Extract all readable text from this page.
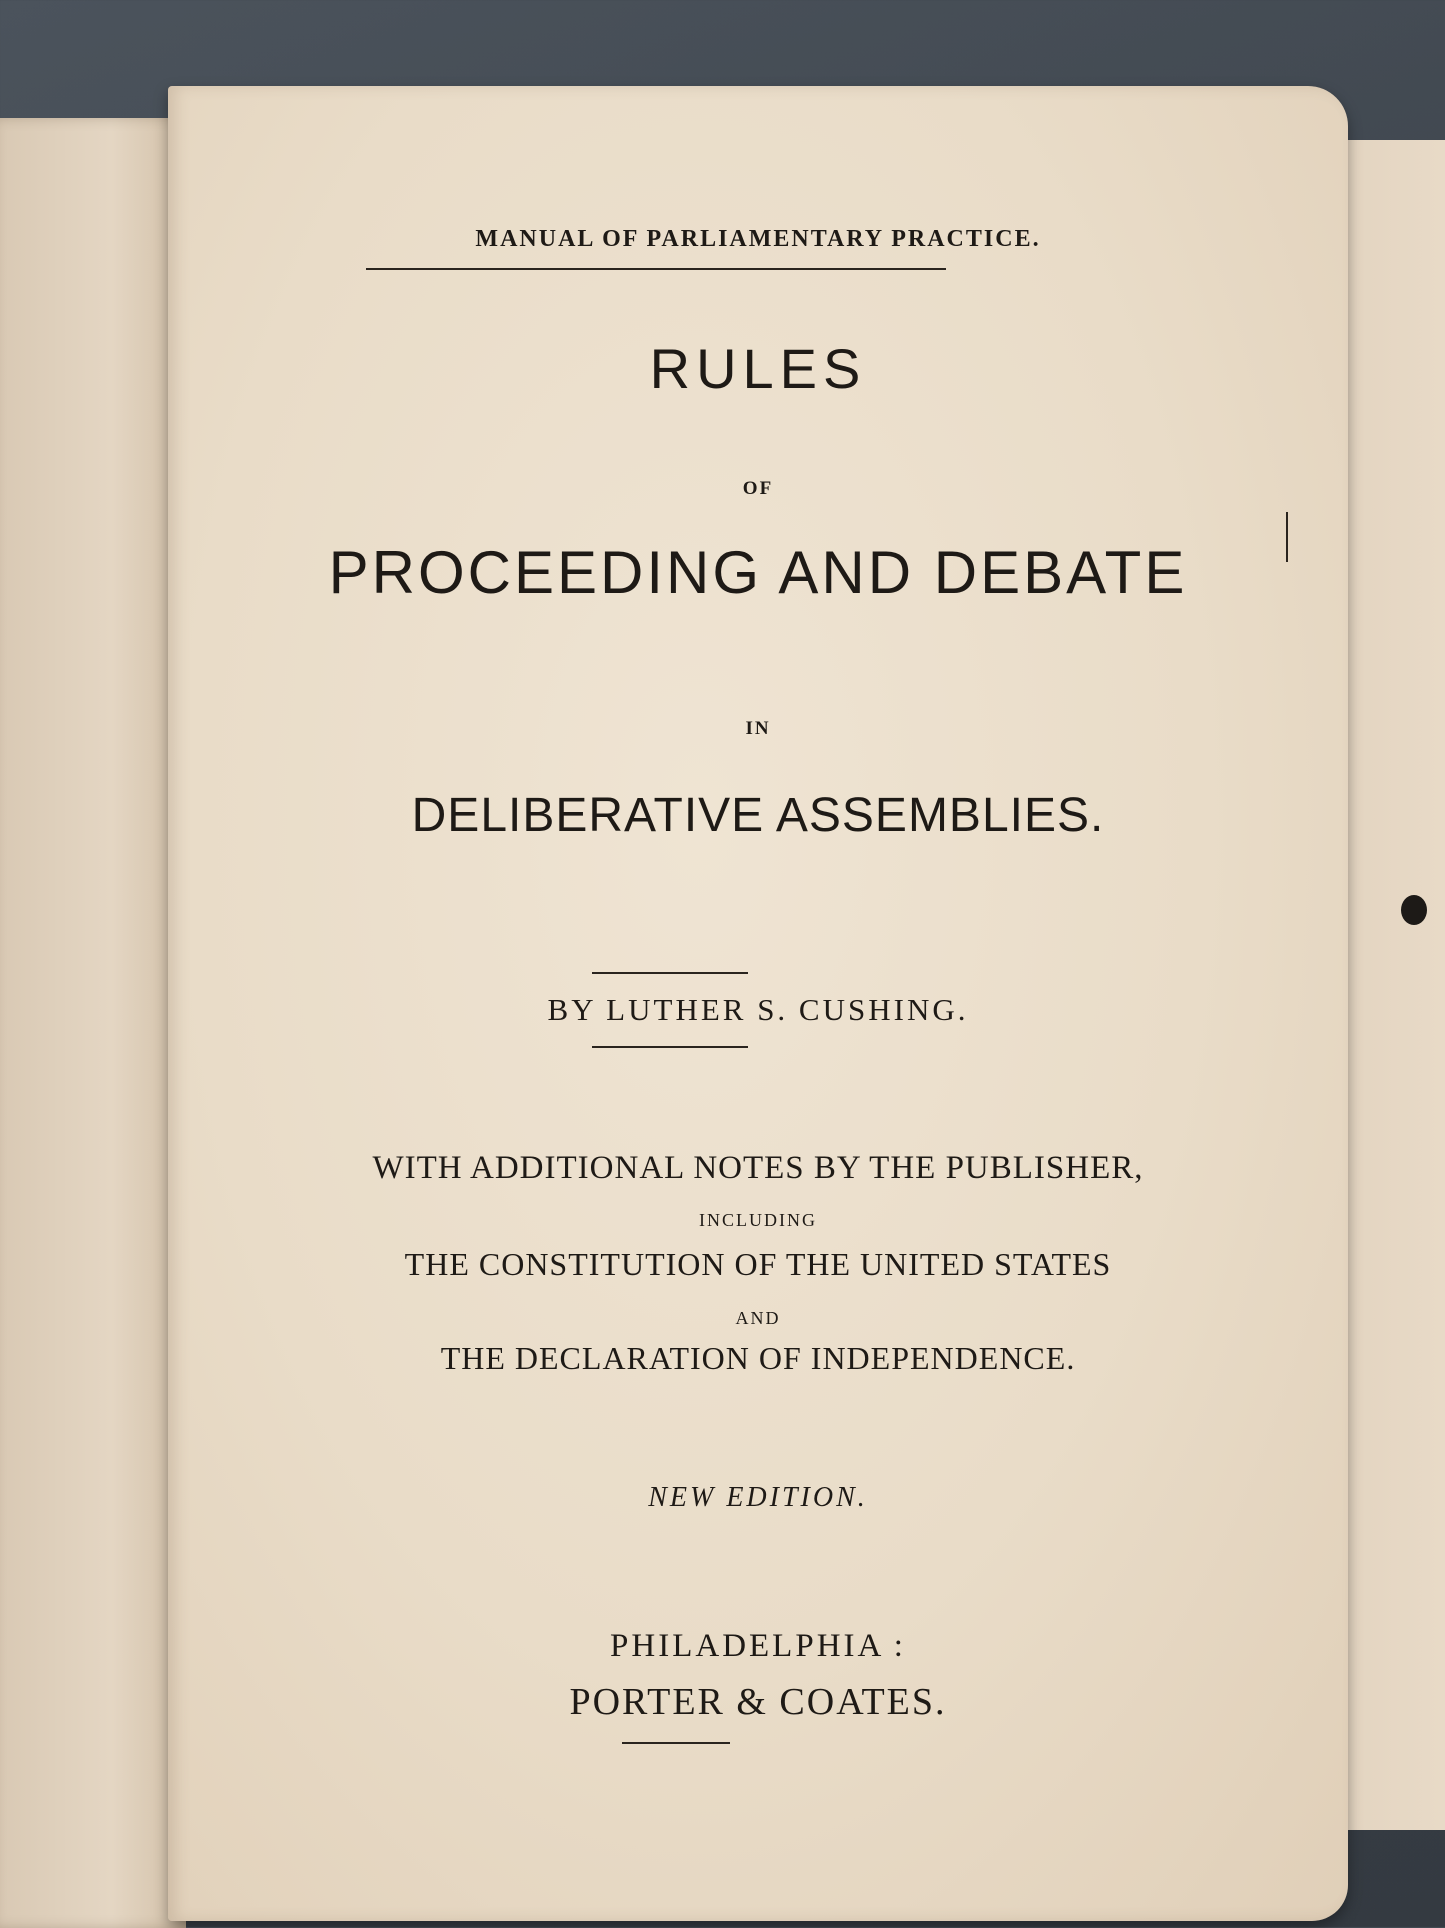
MANUAL OF PARLIAMENTARY PRACTICE.
RULES
OF
PROCEEDING AND DEBATE
IN
DELIBERATIVE ASSEMBLIES.
BY LUTHER S. CUSHING.
WITH ADDITIONAL NOTES BY THE PUBLISHER,
INCLUDING
THE CONSTITUTION OF THE UNITED STATES
AND
THE DECLARATION OF INDEPENDENCE.
NEW EDITION.
PHILADELPHIA :
PORTER & COATES.
